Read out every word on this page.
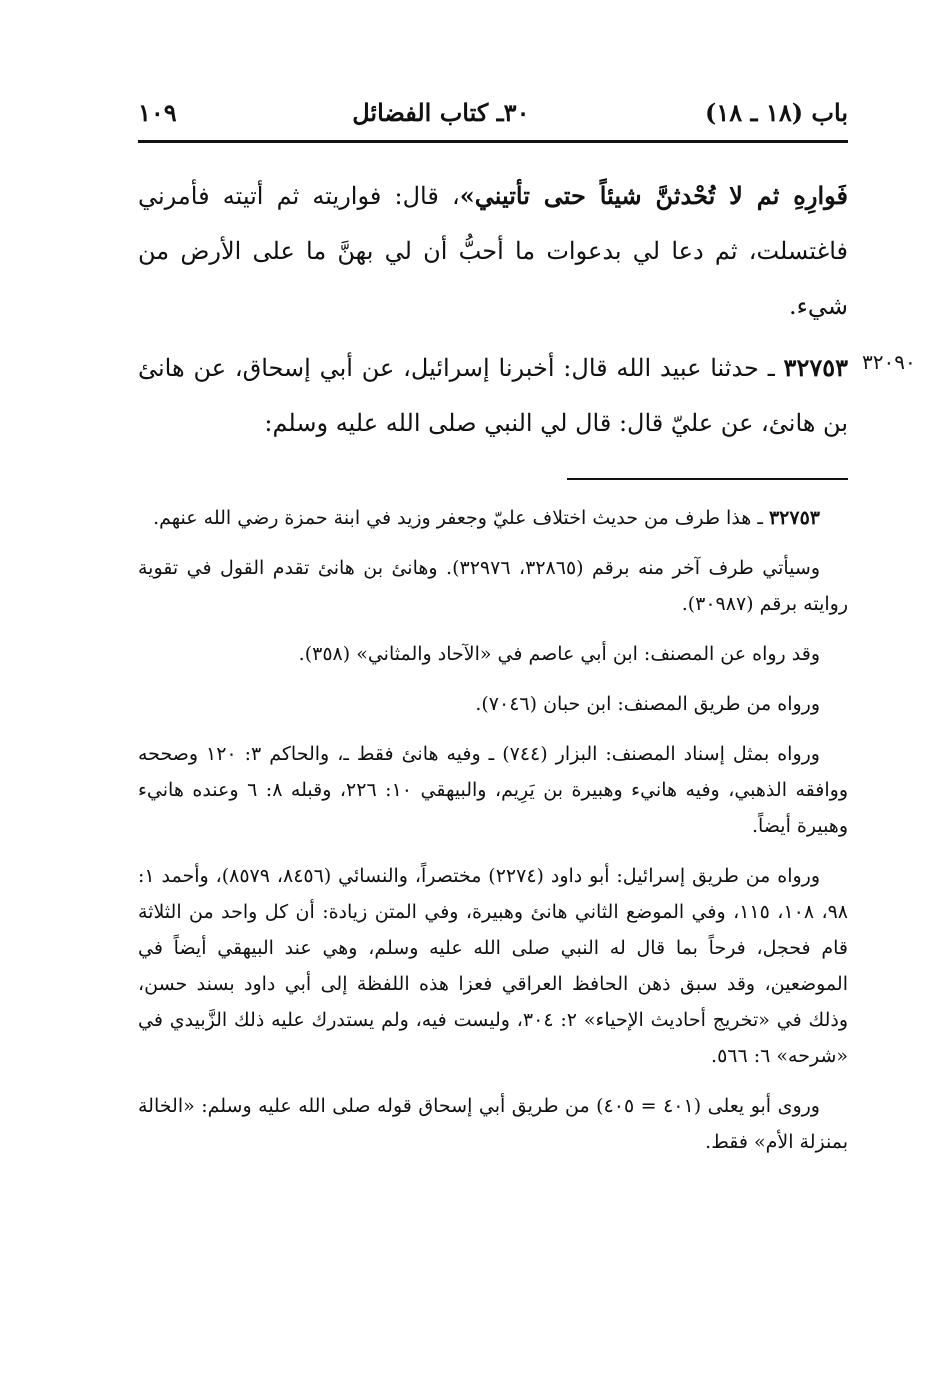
١٠٩	٣٠ـ كتاب الفضائل	باب (١٨ ـ ١٨)
فَوارِهِ ثم لا تُحْدثنَّ شيئاً حتى تأتيني»، قال: فواريته ثم أتيته فأمرني فاغتسلت، ثم دعا لي بدعوات ما أحبُّ أن لي بهنَّ ما على الأرض من شيء.
٣٢٠٩٠
٣٢٧٥٣ ـ حدثنا عبيد الله قال: أخبرنا إسرائيل، عن أبي إسحاق، عن هانئ بن هانئ، عن عليّ قال: قال لي النبي صلى الله عليه وسلم:

٣٢٧٥٣ ـ هذا طرف من حديث اختلاف عليّ وجعفر وزيد في ابنة حمزة رضي الله عنهم.

وسيأتي طرف آخر منه برقم (٣٢٨٦٥، ٣٢٩٧٦). وهانئ بن هانئ تقدم القول في تقوية روايته برقم (٣٠٩٨٧).

وقد رواه عن المصنف: ابن أبي عاصم في «الآحاد والمثاني» (٣٥٨).

ورواه من طريق المصنف: ابن حبان (٧٠٤٦).

ورواه بمثل إسناد المصنف: البزار (٧٤٤) ـ وفيه هانئ فقط ـ، والحاكم ٣: ١٢٠ وصححه ووافقه الذهبي، وفيه هانيء وهبيرة بن يَرِيم، والبيهقي ١٠: ٢٢٦، وقبله ٨: ٦ وعنده هانيء وهبيرة أيضاً.

ورواه من طريق إسرائيل: أبو داود (٢٢٧٤) مختصراً، والنسائي (٨٤٥٦، ٨٥٧٩)، وأحمد ١: ٩٨، ١٠٨، ١١٥، وفي الموضع الثاني هانئ وهبيرة، وفي المتن زيادة: أن كل واحد من الثلاثة قام فحجل، فرحاً بما قال له النبي صلى الله عليه وسلم، وهي عند البيهقي أيضاً في الموضعين، وقد سبق ذهن الحافظ العراقي فعزا هذه اللفظة إلى أبي داود بسند حسن، وذلك في «تخريج أحاديث الإحياء» ٢: ٣٠٤، وليست فيه، ولم يستدرك عليه ذلك الزَّبيدي في «شرحه» ٦: ٥٦٦.

وروى أبو يعلى (٤٠١ = ٤٠٥) من طريق أبي إسحاق قوله صلى الله عليه وسلم: «الخالة بمنزلة الأم» فقط.
